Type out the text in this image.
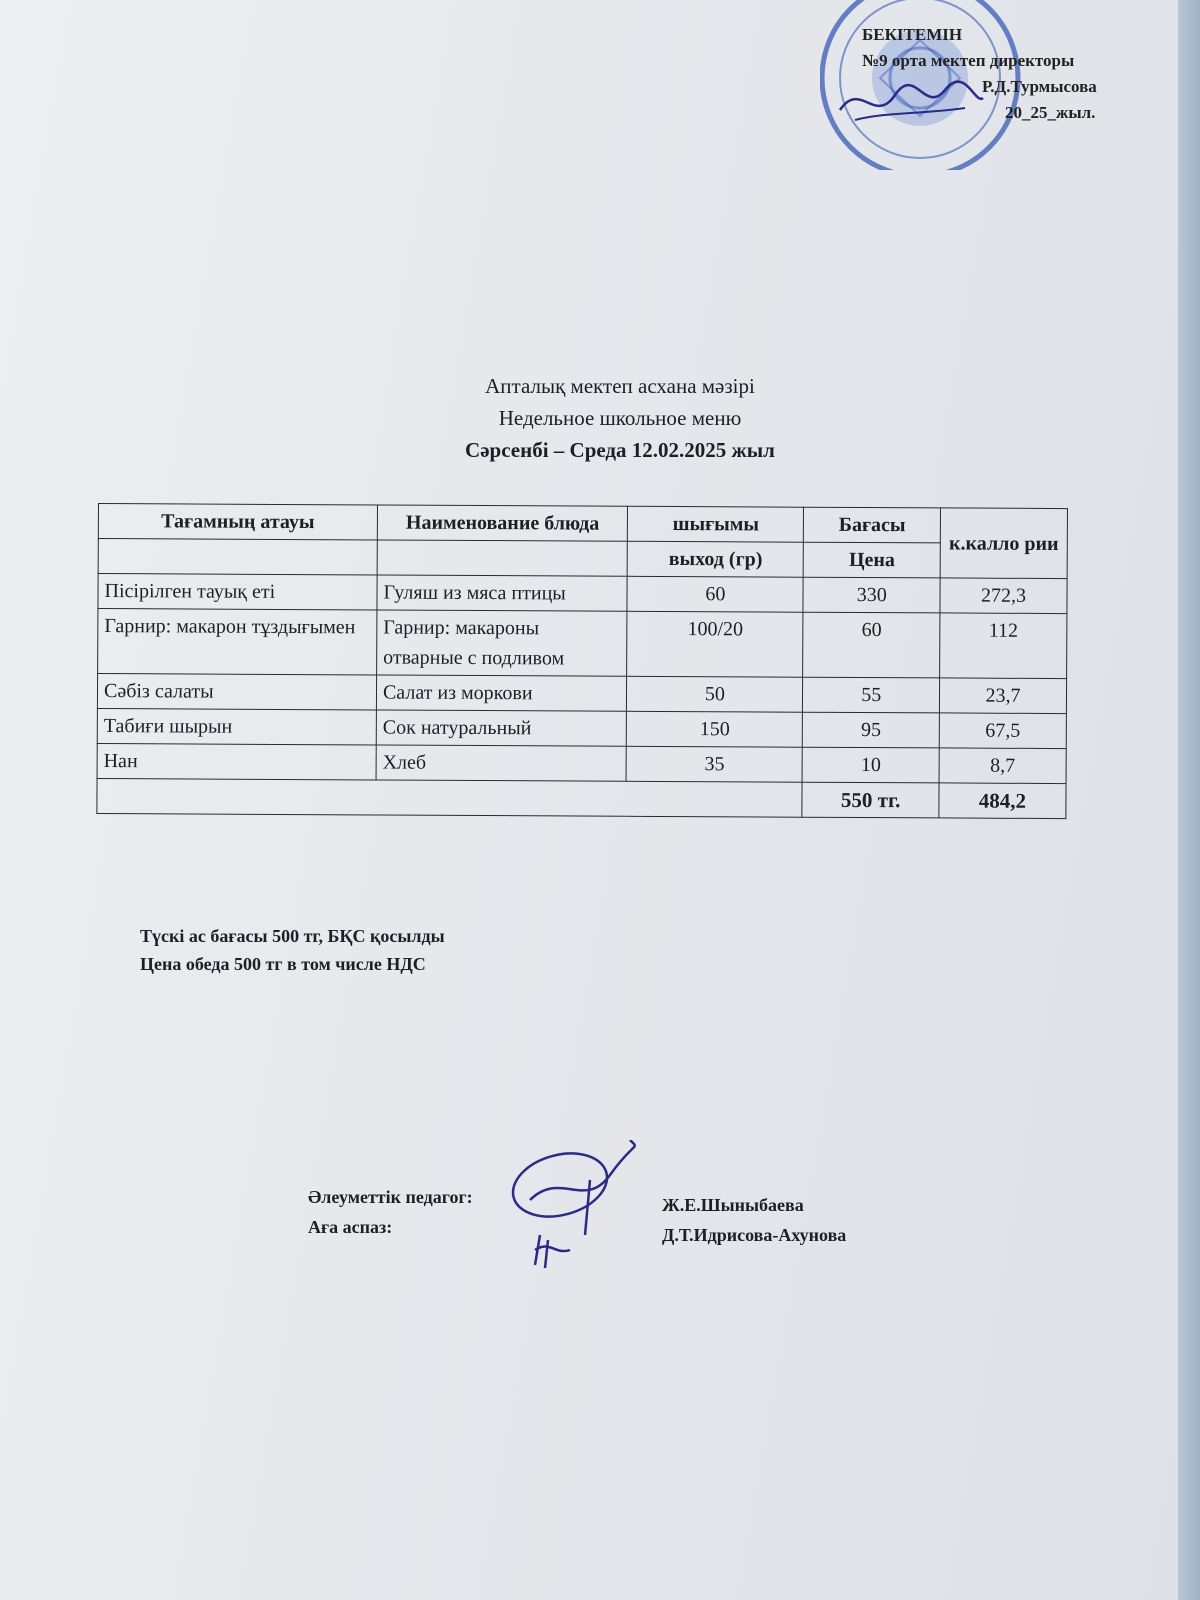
БЕКІТЕМІН
№9 орта мектеп директоры
Р.Д.Турмысова
20_25_жыл.
Апталық мектеп асхана мәзірі
Недельное школьное меню
Сәрсенбі – Среда 12.02.2025 жыл
Тағамның атауы	Наименование блюда	шығымы	Бағасы	к.калло рии
		выход (гр)	Цена	
Пісірілген тауық еті	Гуляш из мяса птицы	60	330	272,3
Гарнир: макарон тұздығымен	Гарнир: макароны отварные с подливом	100/20	60	112
Сәбіз салаты	Салат из моркови	50	55	23,7
Табиғи шырын	Сок натуральный	150	95	67,5
Нан	Хлеб	35	10	8,7
			550 тг.	484,2
Түскі ас бағасы 500 тг, БҚС қосылды
Цена обеда 500 тг в том числе НДС
Әлеуметтік педагог:
Аға аспаз:
Ж.Е.Шыныбаева
Д.Т.Идрисова-Ахунова
